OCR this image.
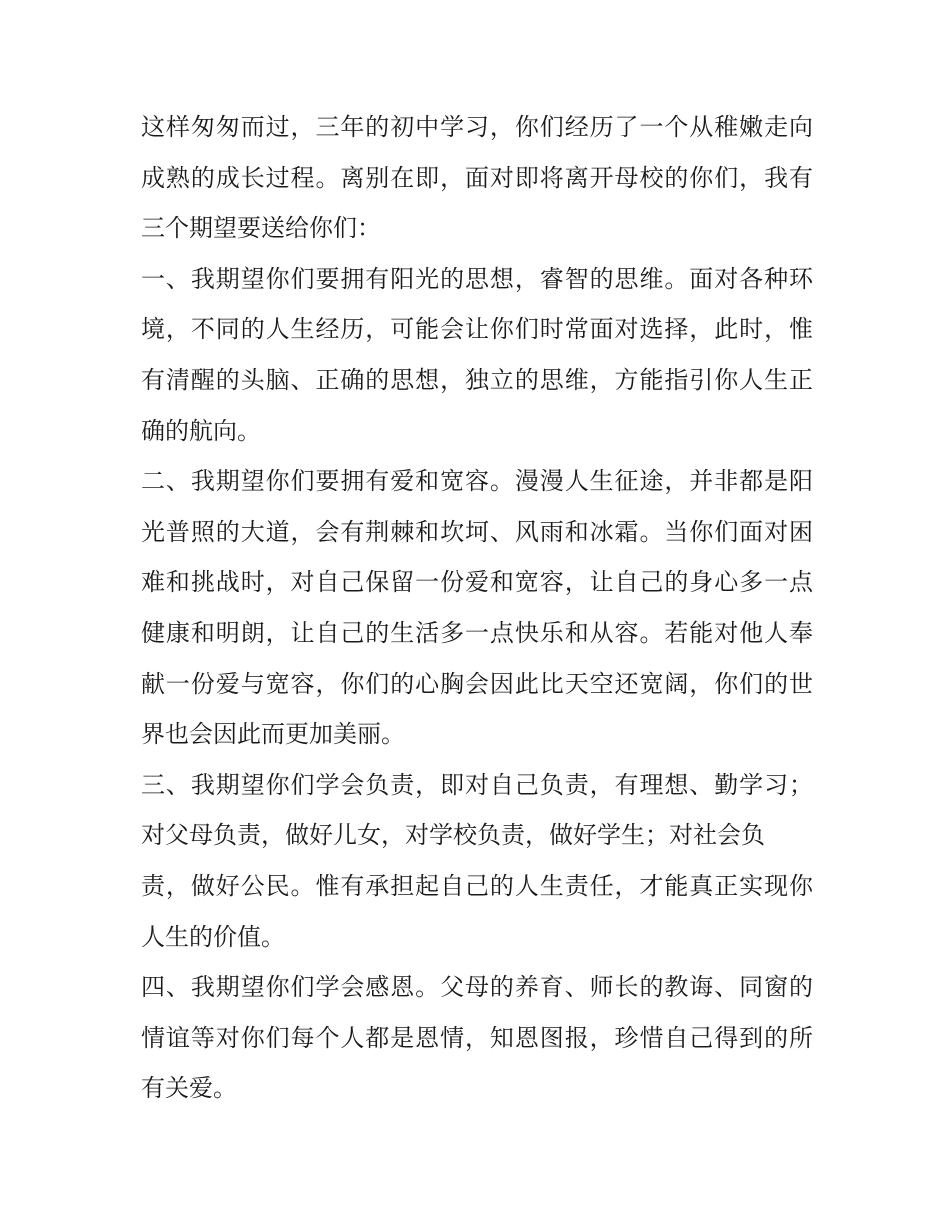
这样匆匆而过，三年的初中学习，你们经历了一个从稚嫩走向
成熟的成长过程。离别在即，面对即将离开母校的你们，我有
三个期望要送给你们：
一、我期望你们要拥有阳光的思想，睿智的思维。面对各种环
境，不同的人生经历，可能会让你们时常面对选择，此时，惟
有清醒的头脑、正确的思想，独立的思维，方能指引你人生正
确的航向。
二、我期望你们要拥有爱和宽容。漫漫人生征途，并非都是阳
光普照的大道，会有荆棘和坎坷、风雨和冰霜。当你们面对困
难和挑战时，对自己保留一份爱和宽容，让自己的身心多一点
健康和明朗，让自己的生活多一点快乐和从容。若能对他人奉
献一份爱与宽容，你们的心胸会因此比天空还宽阔，你们的世
界也会因此而更加美丽。
三、我期望你们学会负责，即对自己负责，有理想、勤学习；
对父母负责，做好儿女，对学校负责，做好学生；对社会负
责，做好公民。惟有承担起自己的人生责任，才能真正实现你
人生的价值。
四、我期望你们学会感恩。父母的养育、师长的教诲、同窗的
情谊等对你们每个人都是恩情，知恩图报，珍惜自己得到的所
有关爱。
